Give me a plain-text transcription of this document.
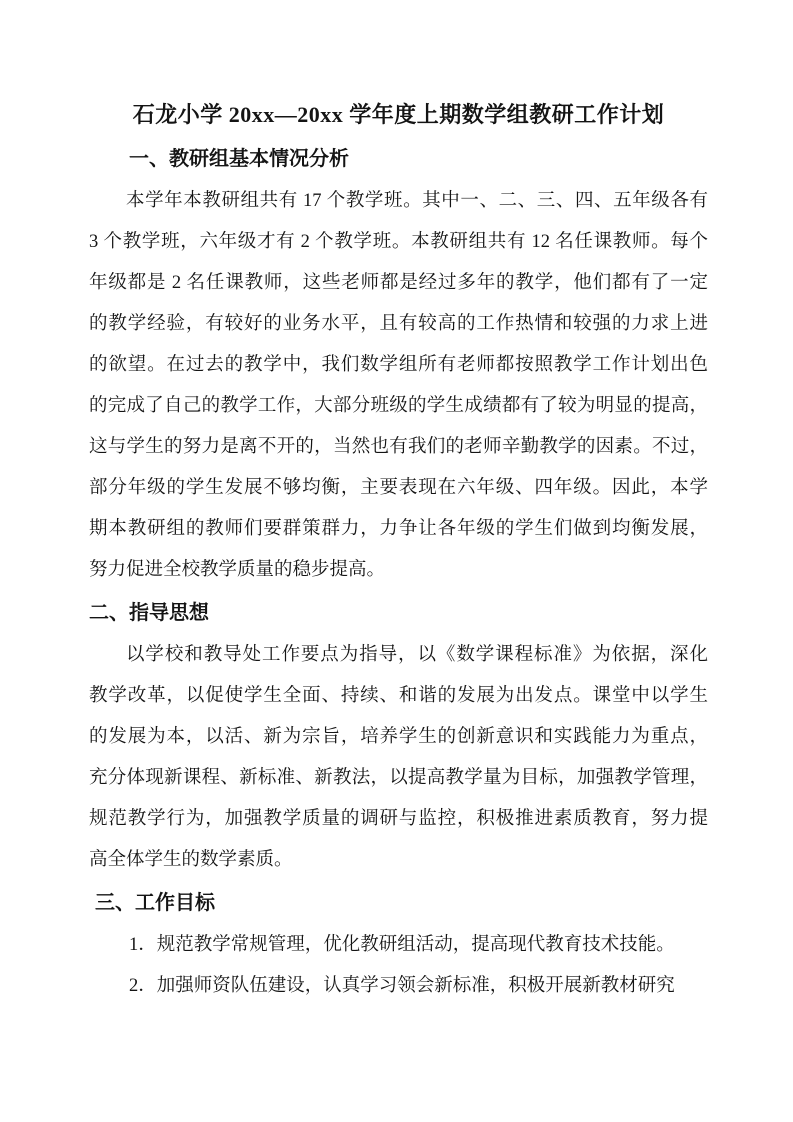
石龙小学 20xx—20xx 学年度上期数学组教研工作计划
一、教研组基本情况分析

本学年本教研组共有 17 个教学班。其中一、二、三、四、五年级各有

3 个教学班，六年级才有 2 个教学班。本教研组共有 12 名任课教师。每个

年级都是 2 名任课教师，这些老师都是经过多年的教学，他们都有了一定

的教学经验，有较好的业务水平，且有较高的工作热情和较强的力求上进

的欲望。在过去的教学中，我们数学组所有老师都按照教学工作计划出色

的完成了自己的教学工作，大部分班级的学生成绩都有了较为明显的提高，

这与学生的努力是离不开的，当然也有我们的老师辛勤教学的因素。不过，

部分年级的学生发展不够均衡，主要表现在六年级、四年级。因此，本学

期本教研组的教师们要群策群力，力争让各年级的学生们做到均衡发展，

努力促进全校教学质量的稳步提高。

二、指导思想

以学校和教导处工作要点为指导，以《数学课程标准》为依据，深化

教学改革，以促使学生全面、持续、和谐的发展为出发点。课堂中以学生

的发展为本，以活、新为宗旨，培养学生的创新意识和实践能力为重点，

充分体现新课程、新标准、新教法，以提高教学量为目标，加强教学管理，

规范教学行为，加强教学质量的调研与监控，积极推进素质教育，努力提

高全体学生的数学素质。

三、工作目标

1．规范教学常规管理，优化教研组活动，提高现代教育技术技能。

2．加强师资队伍建设，认真学习领会新标准，积极开展新教材研究
